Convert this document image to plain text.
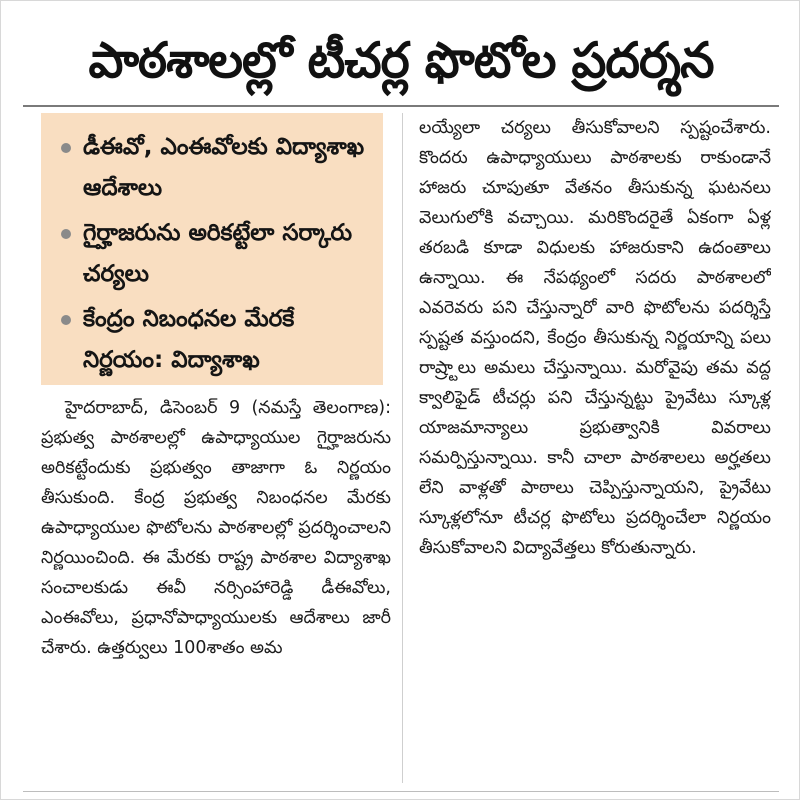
పాఠశాలల్లో టీచర్ల ఫొటోల ప్రదర్శన
డీఈవో, ఎంఈవోలకు విద్యాశాఖ ఆదేశాలు
గైర్హాజరును అరికట్టేలా సర్కారు చర్యలు
కేంద్రం నిబంధనల మేరకే నిర్ణయం: విద్యాశాఖ

హైదరాబాద్‌, డిసెంబర్‌ 9 (నమస్తే తెలంగాణ): ప్రభుత్వ పాఠశాలల్లో ఉపాధ్యాయుల గైర్హాజరును అరికట్టేందుకు ప్రభుత్వం తాజాగా ఓ నిర్ణయం తీసుకుంది. కేంద్ర ప్రభుత్వ నిబంధనల మేరకు ఉపాధ్యాయుల ఫొటోలను పాఠశాలల్లో ప్రదర్శించాలని నిర్ణయించింది. ఈ మేరకు రాష్ట్ర పాఠశాల విద్యాశాఖ సంచాలకుడు ఈవీ నర్సింహారెడ్డి డీఈవోలు, ఎంఈవోలు, ప్రధానోపాధ్యాయులకు ఆదేశాలు జారీ చేశారు. ఉత్తర్వులు 100శాతం అమ

లయ్యేలా చర్యలు తీసుకోవాలని స్పష్టంచేశారు. కొందరు ఉపాధ్యాయులు పాఠశాలకు రాకుండానే హాజరు చూపుతూ వేతనం తీసుకున్న ఘటనలు వెలుగులోకి వచ్చాయి. మరికొందరైతే ఏకంగా ఏళ్ల తరబడి కూడా విధులకు హాజరుకాని ఉదంతాలు ఉన్నాయి. ఈ నేపథ్యంలో సదరు పాఠశాలలో ఎవరెవరు పని చేస్తున్నారో వారి ఫొటోలను పదర్శిస్తే స్పష్టత వస్తుందని, కేంద్రం తీసుకున్న నిర్ణయాన్ని పలు రాష్ర్టాలు అమలు చేస్తున్నాయి. మరోవైపు తమ వద్ద క్వాలిఫైడ్‌ టీచర్లు పని చేస్తున్నట్టు ప్రైవేటు స్కూళ్ల యాజమాన్యాలు ప్రభుత్వానికి వివరాలు సమర్పిస్తున్నాయి. కానీ చాలా పాఠశాలలు అర్హతలు లేని వాళ్లతో పాఠాలు చెప్పిస్తున్నాయని, ప్రైవేటు స్కూళ్లలోనూ టీచర్ల ఫొటోలు ప్రదర్శించేలా నిర్ణయం తీసుకోవాలని విద్యావేత్తలు కోరుతున్నారు.
